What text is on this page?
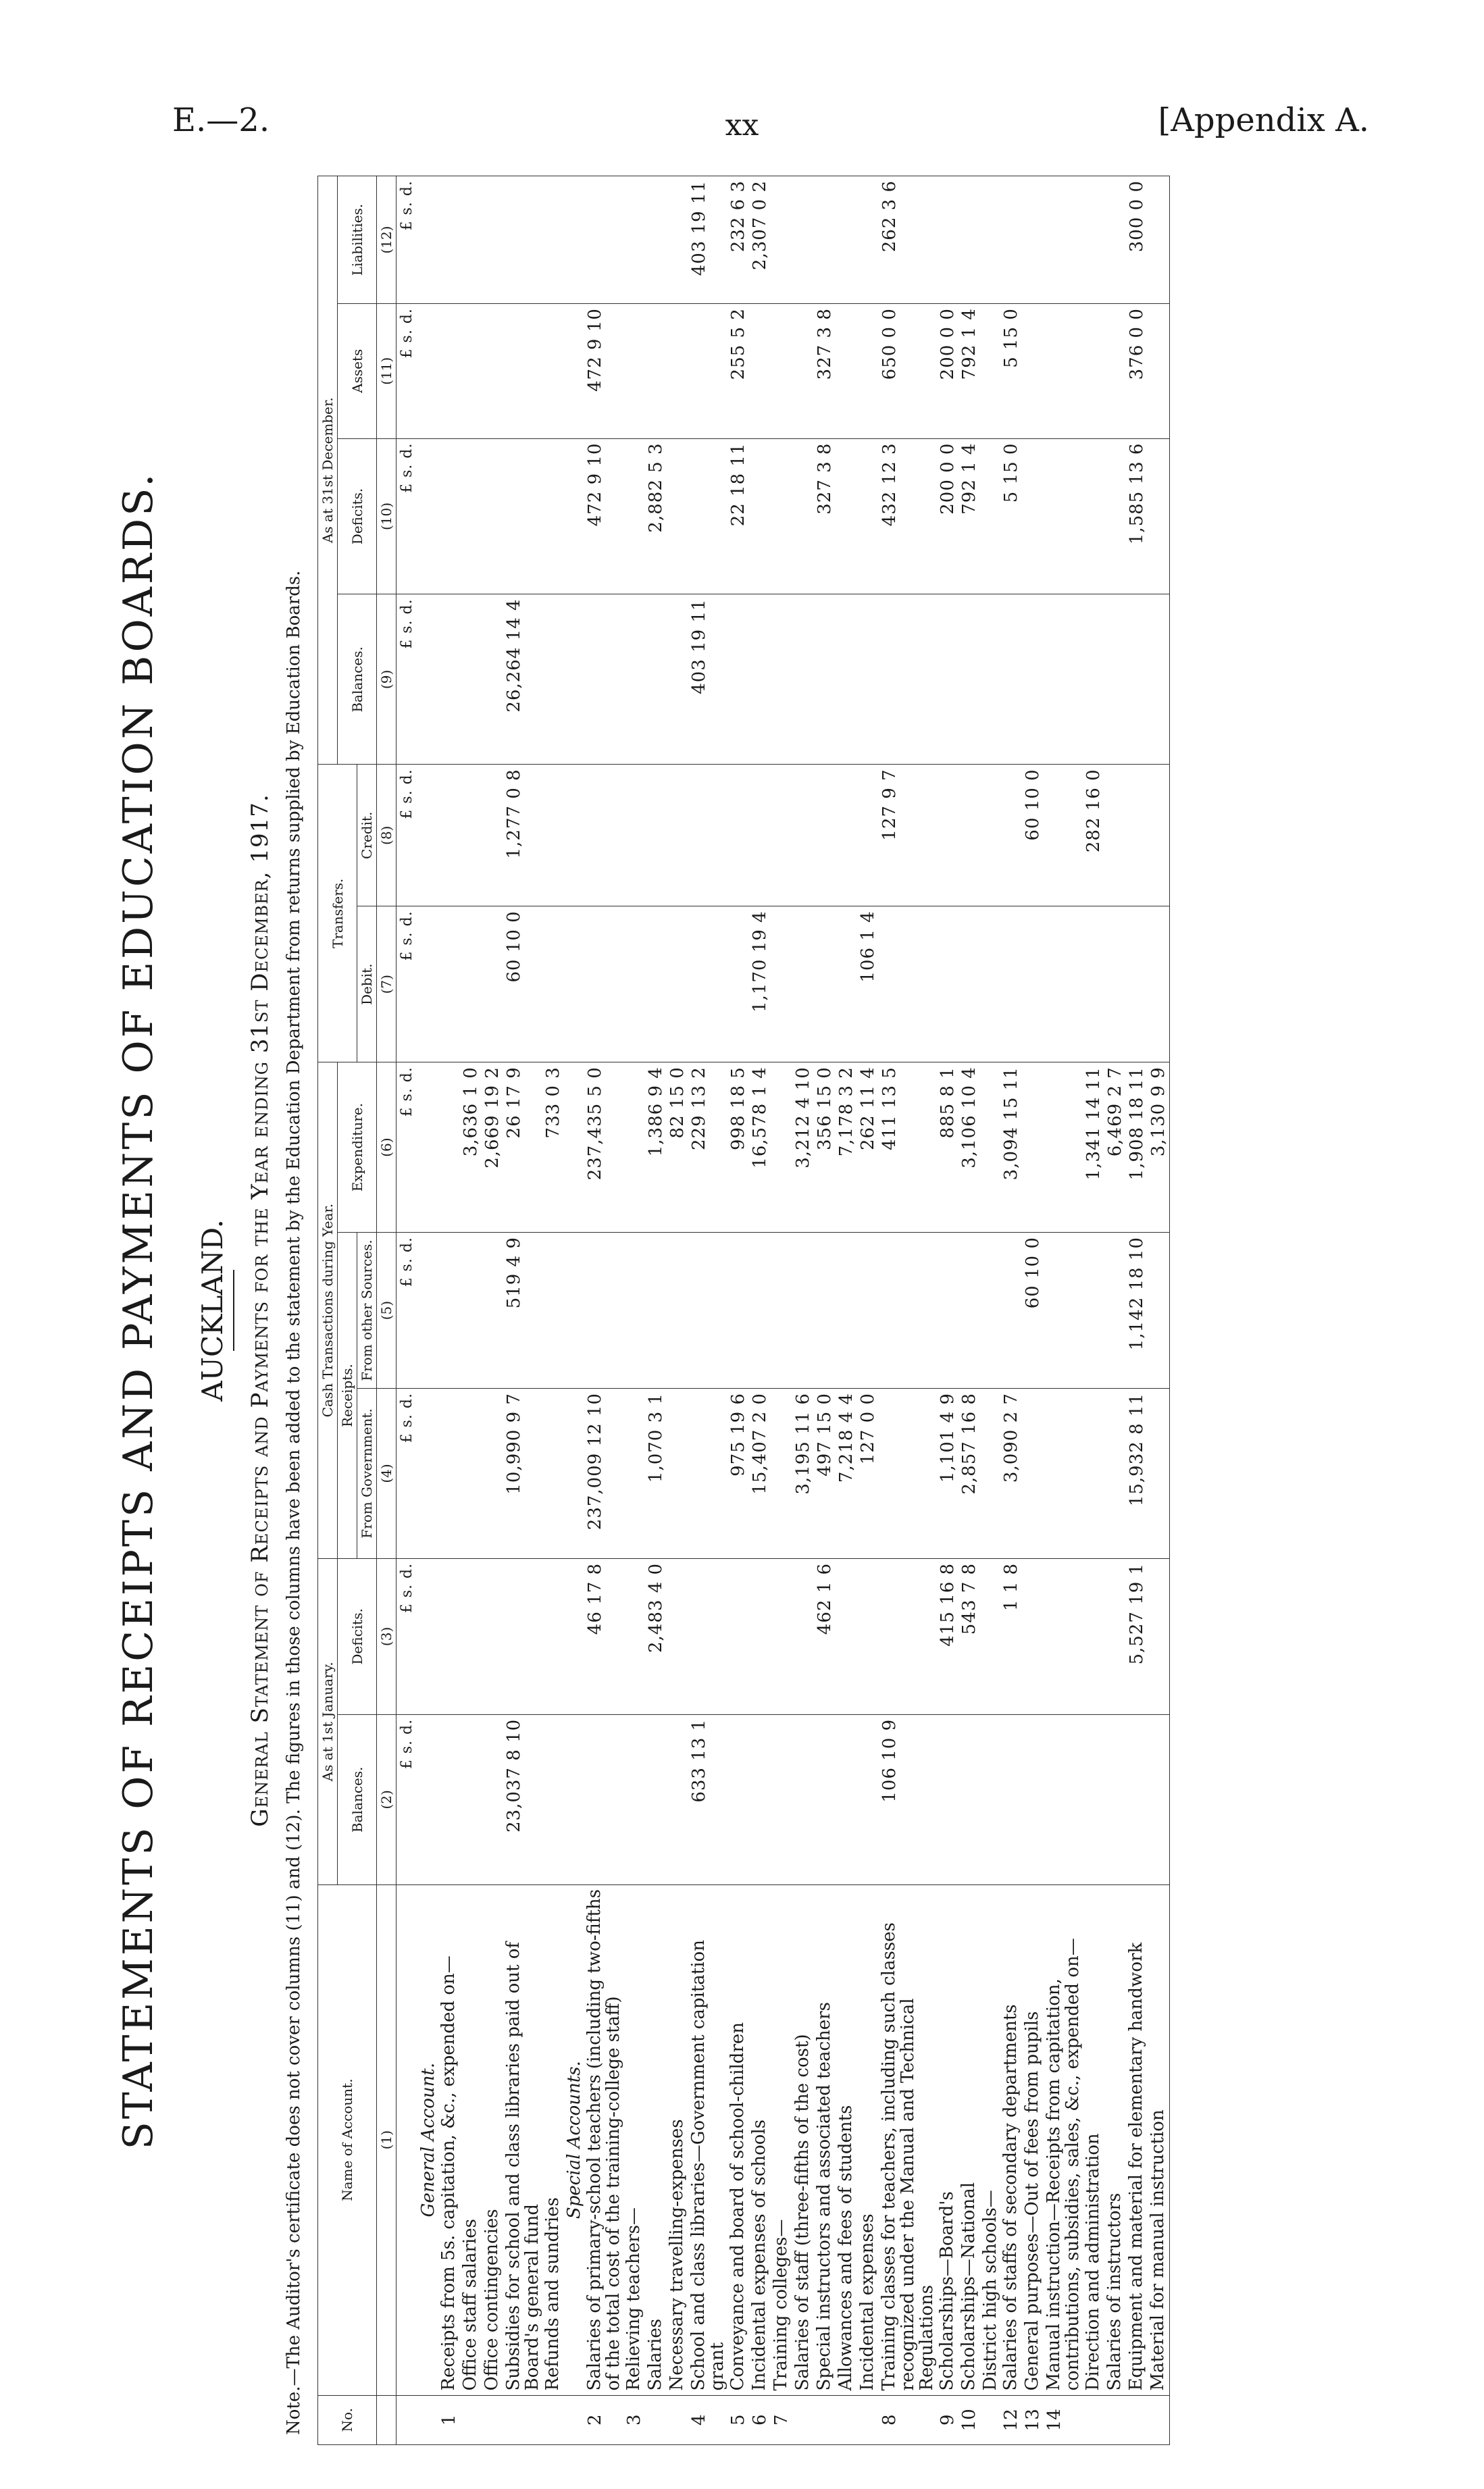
E.—2.	xx	[Appendix A.
STATEMENTS OF RECEIPTS AND PAYMENTS OF EDUCATION BOARDS. AUCKLAND. General Statement of Receipts and Payments for the Year ending 31st December, 1917. Note.—The Auditor's certificate does not cover columns (11) and (12). The figures in those columns have been added to the statement by the Education Department from returns supplied by Education Boards.	No.	Name of Account.	As at 1st January.		Cash Transactions during Year.			Transfers.		As at 31st December.			
		Balances.	Deficits.	Receipts.		Expenditure.			Balances.	Deficits.	Assets	Liabilities.
				From Government.	From other Sources.		Debit.	Credit.				
	(1)	(2)	(3)	(4)	(5)	(6)	(7)	(8)	(9)	(10)	(11)	(12)
		£ s. d.	£ s. d.	£ s. d.	£ s. d.	£ s. d.	£ s. d.	£ s. d.	£ s. d.	£ s. d.	£ s. d.	£ s. d.
	General Account.											
1	Receipts from 5s. capitation, &c., expended on—											
	Office staff salaries					3,636 1 0						
	Office contingencies					2,669 19 2						
	Subsidies for school and class libraries paid out of Board's general fund	23,037 8 10		10,990 9 7	519 4 9	26 17 9	60 10 0	1,277 0 8	26,264 14 4			
	Refunds and sundries					733 0 3						
	Special Accounts.											
2	Salaries of primary-school teachers (including two-fifths of the total cost of the training-college staff)		46 17 8	237,009 12 10		237,435 5 0				472 9 10	472 9 10	
3	Relieving teachers—											
	Salaries		2,483 4 0	1,070 3 1		1,386 9 4				2,882 5 3		
	Necessary travelling-expenses					82 15 0						
4	School and class libraries—Government capitation grant	633 13 1				229 13 2			403 19 11			403 19 11
5	Conveyance and board of school-children			975 19 6		998 18 5				22 18 11	255 5 2	232 6 3
6	Incidental expenses of schools			15,407 2 0		16,578 1 4	1,170 19 4					2,307 0 2
7	Training colleges—											
	Salaries of staff (three-fifths of the cost)			3,195 11 6		3,212 4 10						
	Special instructors and associated teachers		462 1 6	497 15 0		356 15 0				327 3 8	327 3 8	
	Allowances and fees of students			7,218 4 4		7,178 3 2						
	Incidental expenses			127 0 0		262 11 4	106 1 4					
8	Training classes for teachers, including such classes recognized under the Manual and Technical Regulations	106 10 9				411 13 5		127 9 7		432 12 3	650 0 0	262 3 6
9	Scholarships—Board's		415 16 8	1,101 4 9		885 8 1				200 0 0	200 0 0	
10	Scholarships—National		543 7 8	2,857 16 8		3,106 10 4				792 1 4	792 1 4	
	District high schools—											
12	Salaries of staffs of secondary departments		1 1 8	3,090 2 7		3,094 15 11				5 15 0	5 15 0	
13	General purposes—Out of fees from pupils				60 10 0			60 10 0				
14	Manual instruction—Receipts from capitation, contributions, subsidies, sales, &c., expended on—											
	Direction and administration					1,341 14 11		282 16 0				
	Salaries of instructors					6,469 2 7						
	Equipment and material for elementary handwork		5,527 19 1	15,932 8 11	1,142 18 10	1,908 18 11				1,585 13 6	376 0 0	300 0 0
	Material for manual instruction					3,130 9 9						
